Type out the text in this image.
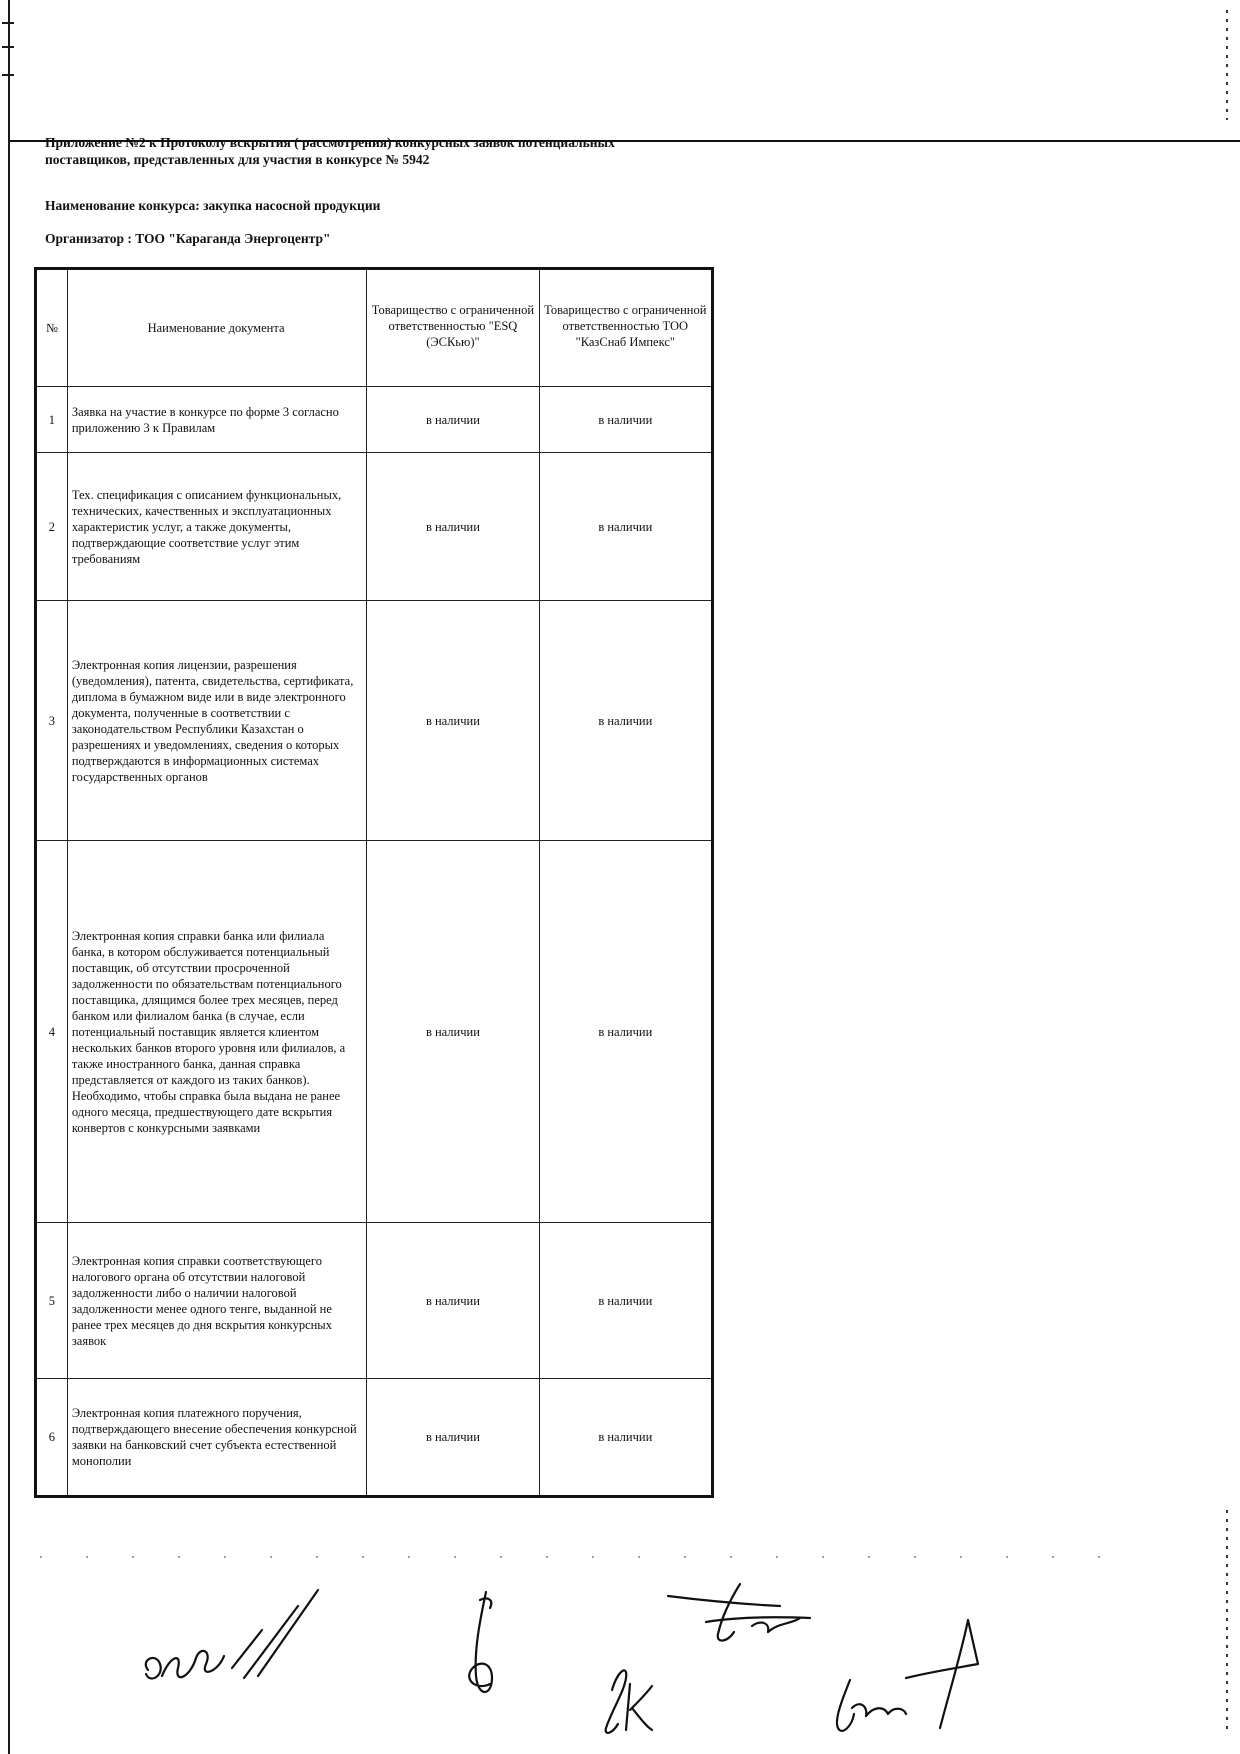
Приложение №2 к Протоколу вскрытия ( рассмотрения) конкурсных заявок потенциальных
поставщиков, представленных для участия в конкурсе № 5942
Наименование конкурса: закупка насосной продукции
Организатор : ТОО "Караганда Энергоцентр"
№	Наименование документа	Товарищество с ограниченной ответственностью "ESQ (ЭСКью)"	Товарищество с ограниченной ответственностью ТОО "КазСнаб Импекс"
1	Заявка на участие в конкурсе по форме 3 согласно приложению 3 к Правилам	в наличии	в наличии
2	Тех. спецификация с описанием функциональных, технических, качественных и эксплуатационных характеристик услуг, а также документы, подтверждающие соответствие услуг этим требованиям	в наличии	в наличии
3	Электронная копия лицензии, разрешения (уведомления), патента, свидетельства, сертификата, диплома в бумажном виде или в виде электронного документа, полученные в соответствии с законодательством Республики Казахстан о разрешениях и уведомлениях, сведения о которых подтверждаются в информационных системах государственных органов	в наличии	в наличии
4	Электронная копия справки банка или филиала банка, в котором обслуживается потенциальный поставщик, об отсутствии просроченной задолженности по обязательствам потенциального поставщика, длящимся более трех месяцев, перед банком или филиалом банка (в случае, если потенциальный поставщик является клиентом нескольких банков второго уровня или филиалов, а также иностранного банка, данная справка представляется от каждого из таких банков). Необходимо, чтобы справка была выдана не ранее одного месяца, предшествующего дате вскрытия конвертов с конкурсными заявками	в наличии	в наличии
5	Электронная копия справки соответствующего налогового органа об отсутствии налоговой задолженности либо о наличии налоговой задолженности менее одного тенге, выданной не ранее трех месяцев до дня вскрытия конкурсных заявок	в наличии	в наличии
6	Электронная копия платежного поручения, подтверждающего внесение обеспечения конкурсной заявки на банковский счет субъекта естественной монополии	в наличии	в наличии
